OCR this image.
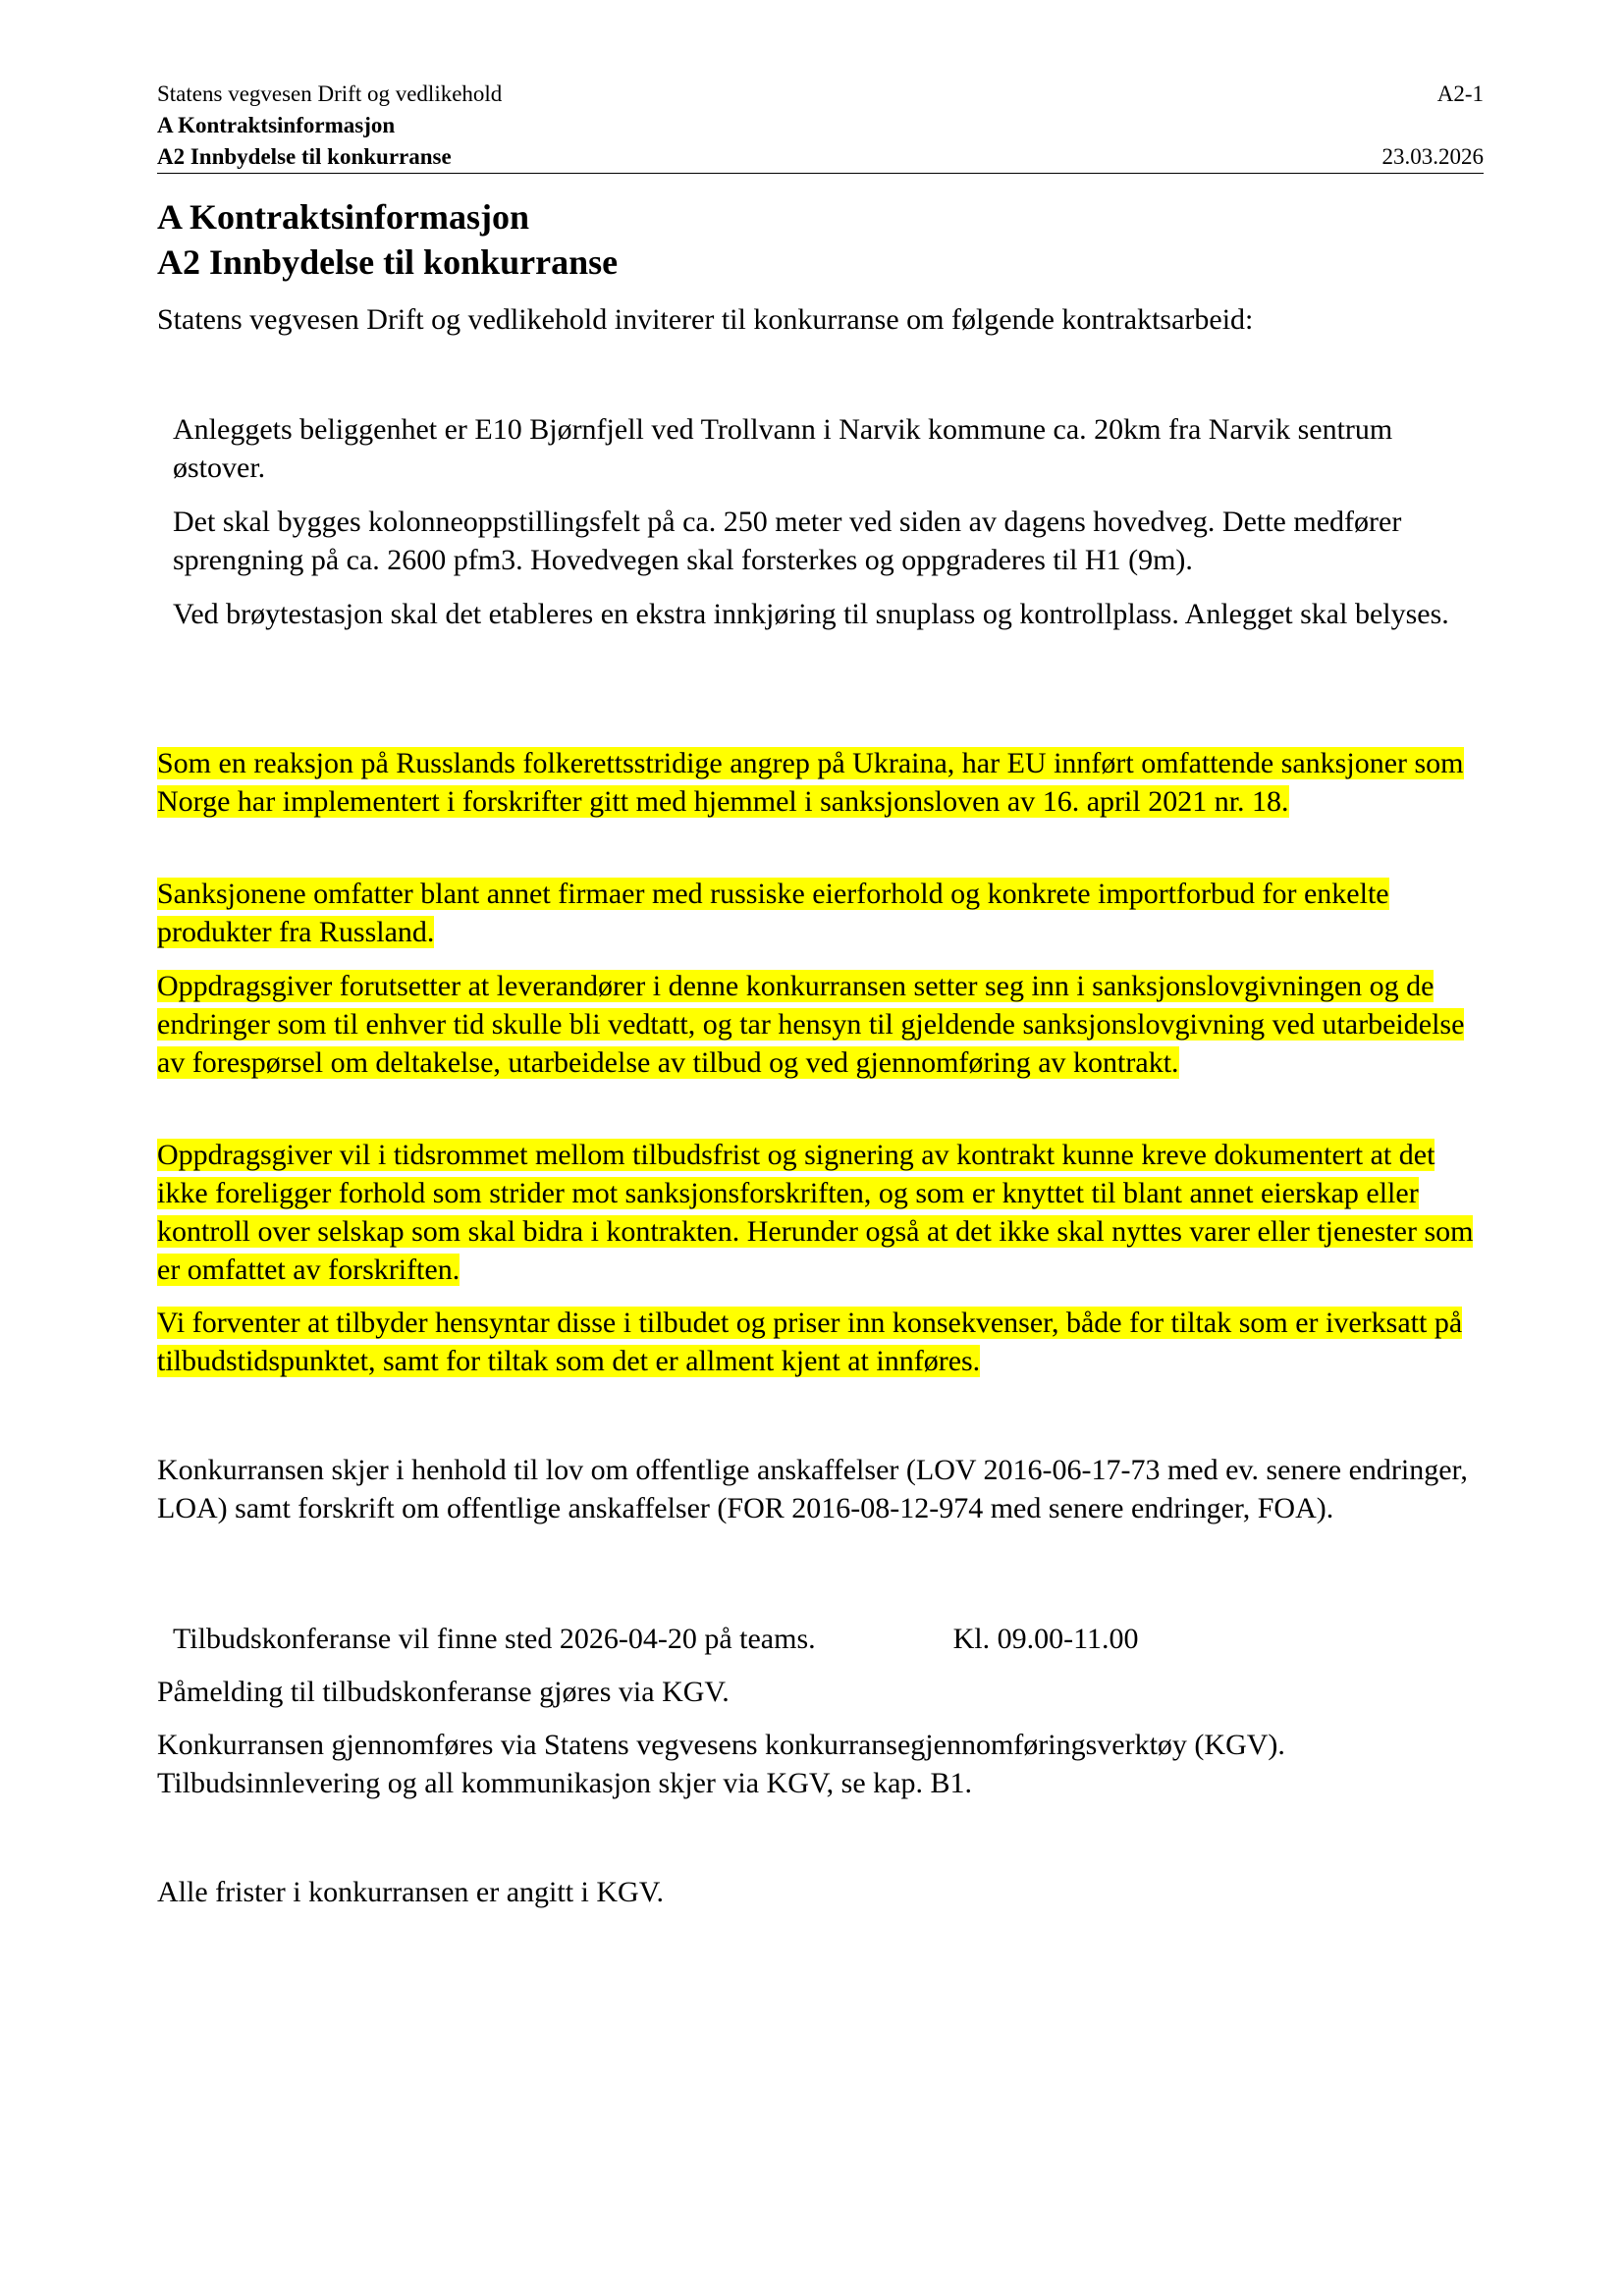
Statens vegvesen Drift og vedlikehold	A2-1
A Kontraktsinformasjon
A2 Innbydelse til konkurranse	23.03.2026
A Kontraktsinformasjon
A2 Innbydelse til konkurranse
Statens vegvesen Drift og vedlikehold inviterer til konkurranse om følgende kontraktsarbeid:
Anleggets beliggenhet er E10 Bjørnfjell ved Trollvann i Narvik kommune ca. 20km fra Narvik sentrum østover.
Det skal bygges kolonneoppstillingsfelt på ca. 250 meter ved siden av dagens hovedveg. Dette medfører sprengning på ca. 2600 pfm3. Hovedvegen skal forsterkes og oppgraderes til H1 (9m).
Ved brøytestasjon skal det etableres en ekstra innkjøring til snuplass og kontrollplass. Anlegget skal belyses.
Som en reaksjon på Russlands folkerettsstridige angrep på Ukraina, har EU innført omfattende sanksjoner som Norge har implementert i forskrifter gitt med hjemmel i sanksjonsloven av 16. april 2021 nr. 18.
Sanksjonene omfatter blant annet firmaer med russiske eierforhold og konkrete importforbud for enkelte produkter fra Russland.
Oppdragsgiver forutsetter at leverandører i denne konkurransen setter seg inn i sanksjonslovgivningen og de endringer som til enhver tid skulle bli vedtatt, og tar hensyn til gjeldende sanksjonslovgivning ved utarbeidelse av forespørsel om deltakelse, utarbeidelse av tilbud og ved gjennomføring av kontrakt.
Oppdragsgiver vil i tidsrommet mellom tilbudsfrist og signering av kontrakt kunne kreve dokumentert at det ikke foreligger forhold som strider mot sanksjonsforskriften, og som er knyttet til blant annet eierskap eller kontroll over selskap som skal bidra i kontrakten. Herunder også at det ikke skal nyttes varer eller tjenester som er omfattet av forskriften.
Vi forventer at tilbyder hensyntar disse i tilbudet og priser inn konsekvenser, både for tiltak som er iverksatt på tilbudstidspunktet, samt for tiltak som det er allment kjent at innføres.
Konkurransen skjer i henhold til lov om offentlige anskaffelser (LOV 2016-06-17-73 med ev. senere endringer, LOA) samt forskrift om offentlige anskaffelser (FOR 2016-08-12-974 med senere endringer, FOA).
Tilbudskonferanse vil finne sted 2026-04-20 på teams.	Kl. 09.00-11.00
Påmelding til tilbudskonferanse gjøres via KGV.
Konkurransen gjennomføres via Statens vegvesens konkurransegjennomføringsverktøy (KGV). Tilbudsinnlevering og all kommunikasjon skjer via KGV, se kap. B1.
Alle frister i konkurransen er angitt i KGV.
